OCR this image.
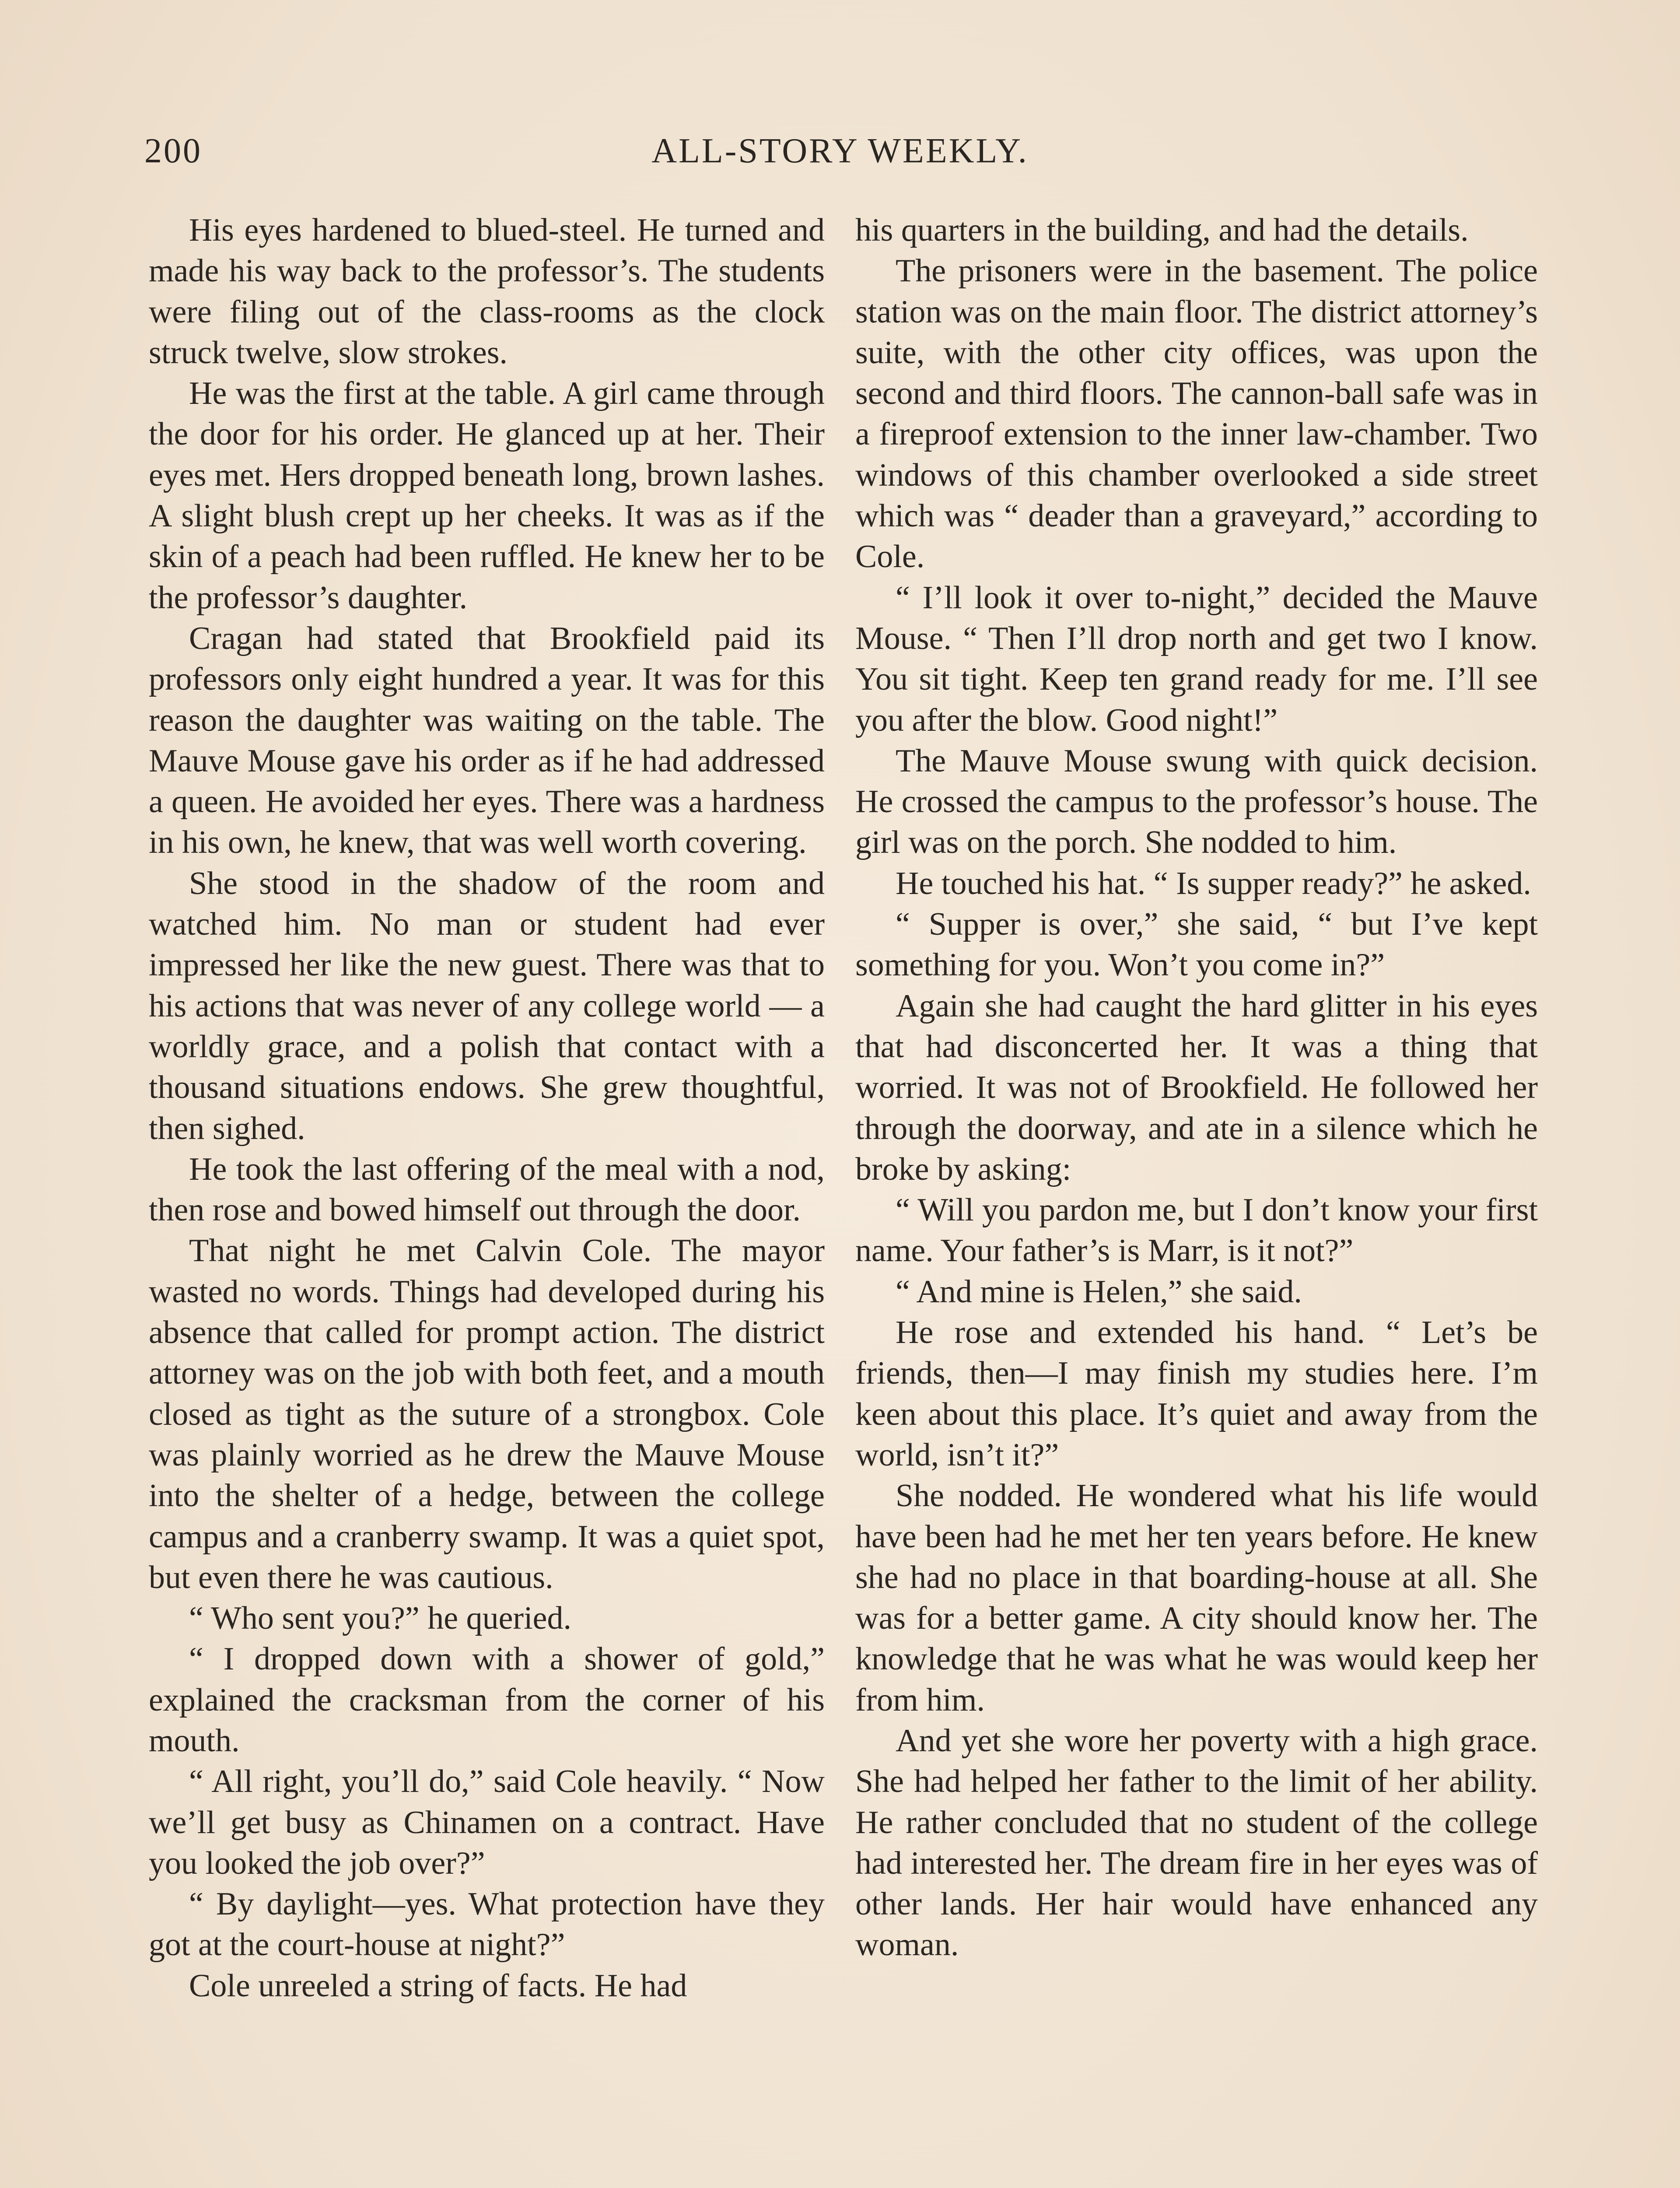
200	ALL-STORY WEEKLY.

His eyes hardened to blued-steel. He turned and made his way back to the professor’s. The students were filing out of the class-rooms as the clock struck twelve, slow strokes.

He was the first at the table. A girl came through the door for his order. He glanced up at her. Their eyes met. Hers dropped beneath long, brown lashes. A slight blush crept up her cheeks. It was as if the skin of a peach had been ruffled. He knew her to be the professor’s daughter.

Cragan had stated that Brookfield paid its professors only eight hundred a year. It was for this reason the daughter was waiting on the table. The Mauve Mouse gave his order as if he had addressed a queen. He avoided her eyes. There was a hardness in his own, he knew, that was well worth covering.

She stood in the shadow of the room and watched him. No man or student had ever impressed her like the new guest. There was that to his actions that was never of any college world — a worldly grace, and a polish that contact with a thousand situations endows. She grew thoughtful, then sighed.

He took the last offering of the meal with a nod, then rose and bowed himself out through the door.

That night he met Calvin Cole. The mayor wasted no words. Things had developed during his absence that called for prompt action. The district attorney was on the job with both feet, and a mouth closed as tight as the suture of a strongbox. Cole was plainly worried as he drew the Mauve Mouse into the shelter of a hedge, between the college campus and a cranberry swamp. It was a quiet spot, but even there he was cautious.

“ Who sent you?” he queried.

“ I dropped down with a shower of gold,” explained the cracksman from the corner of his mouth.

“ All right, you’ll do,” said Cole heavily. “ Now we’ll get busy as Chinamen on a contract. Have you looked the job over?”

“ By daylight—yes. What protection have they got at the court-house at night?”

Cole unreeled a string of facts. He had

his quarters in the building, and had the details.

The prisoners were in the basement. The police station was on the main floor. The district attorney’s suite, with the other city offices, was upon the second and third floors. The cannon-ball safe was in a fireproof extension to the inner law-chamber. Two windows of this chamber overlooked a side street which was “ deader than a graveyard,” according to Cole.

“ I’ll look it over to-night,” decided the Mauve Mouse. “ Then I’ll drop north and get two I know. You sit tight. Keep ten grand ready for me. I’ll see you after the blow. Good night!”

The Mauve Mouse swung with quick decision. He crossed the campus to the professor’s house. The girl was on the porch. She nodded to him.

He touched his hat. “ Is supper ready?” he asked.

“ Supper is over,” she said, “ but I’ve kept something for you. Won’t you come in?”

Again she had caught the hard glitter in his eyes that had disconcerted her. It was a thing that worried. It was not of Brookfield. He followed her through the doorway, and ate in a silence which he broke by asking:

“ Will you pardon me, but I don’t know your first name. Your father’s is Marr, is it not?”

“ And mine is Helen,” she said.

He rose and extended his hand. “ Let’s be friends, then—I may finish my studies here. I’m keen about this place. It’s quiet and away from the world, isn’t it?”

She nodded. He wondered what his life would have been had he met her ten years before. He knew she had no place in that boarding-house at all. She was for a better game. A city should know her. The knowledge that he was what he was would keep her from him.

And yet she wore her poverty with a high grace. She had helped her father to the limit of her ability. He rather concluded that no student of the college had interested her. The dream fire in her eyes was of other lands. Her hair would have enhanced any woman.
